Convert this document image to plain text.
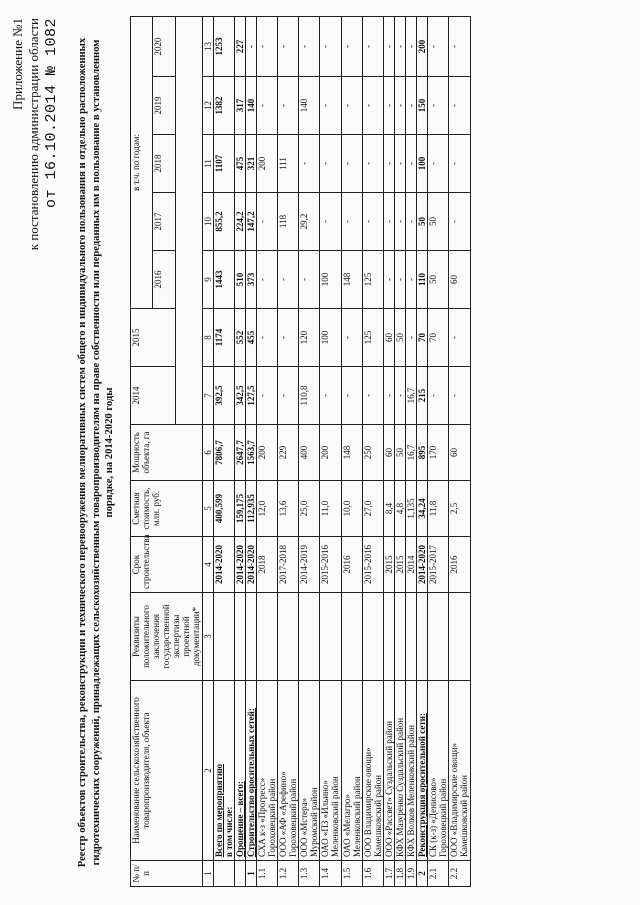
Приложение №1 к постановлению администрации области от 16.10.2014 № 1082 Реестр объектов строительства, реконструкции и технического перевооружения мелиоративных систем общего и индивидуального пользования и отдельно расположенных гидротехнических сооружений, принадлежащих сельскохозяйственным товаропроизводителям на праве собственности или переданных им в пользование в установленном порядке, на 2014-2020 годы
№ п/п	Наименование сельскохозяйственного товаропроизводителя, объекта	Реквизиты положительного заключения государственной экспертизы проектной документации*	Срок строительства	Сметная стоимость, млн. руб.	Мощность объекта, га	2014	2015	в т.ч. по годам:				
								2016	2017	2018	2019	2020

1	2	3	4	5	6	7	8	9	10	11	12	13

	Всего по мероприятию в том числе:		2014-2020	400,599	7806,7	392,5	1174	1443	855,2	1107	1382	1253

	Орошение – всего:		2014-2020	159,175	2647,7	342,5	552	510	224,2	475	317	227
1	Строительство оросительных сетей:		2014-2020	112,935	1563,7	127,5	455	373	147,2	321	140	-
1.1	СХА к-з «Прогресс» Гороховецкий район		2018	12,0	200	-	-	-	-	200	-	-
1.2	ООО «АФ «Арефино» Гороховецкий район		2017-2018	13,6	229	-	-	-	118	111	-	-
1.3	ООО «Мстера» Муромский район		2014-2019	25,0	400	110,8	120	-	29,2	-	140	-
1.4	ОАО «ПЗ «Ильино» Меленковский район		2015-2016	11,0	200	-	100	100	-	-	-	-
1.5	ОАО «Мелагро» Меленковский район		2016	10,0	148	-	-	148	-	-	-	-
1.6	ООО Владимирские овощи» Камешковский район		2015-2016	27,0	250	-	125	125	-	-	-	-
1.7	ООО «Рассвет» Суздальский район		2015	8,4	60	-	60	-	-	-	-	-
1.8	КФХ Мазуренко Суздальский район		2015	4,8	50	-	50	-	-	-	-	-
1.9	КФХ Волков Меленковский район		2014	1,135	16,7	16,7	-	-	-	-	-	-
2	Реконструкция оросительной сети:		2014-2020	34,24	895	215	70	110	50	100	150	200
2.1	СК (к-з) «Денисово» Гороховецкий район		2015-2017	11,8	170	-	70	50	50	-	-	-
2.2	ООО «Владимирские овощи» Камешковский район		2016	2,5	60	-	-	60	-	-	-	-
